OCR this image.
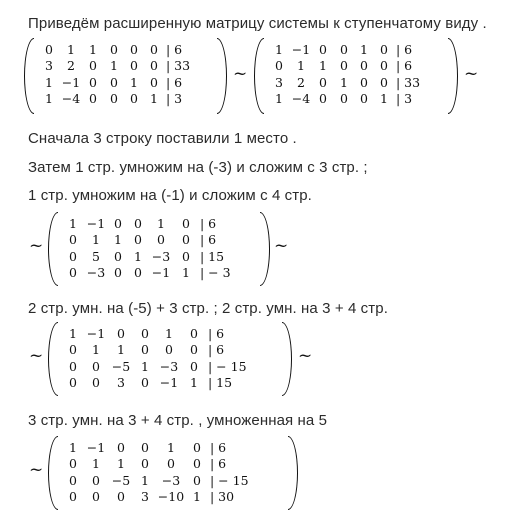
Приведём расширенную матрицу системы к ступенчатому виду .
0	1	1	0 0 0 | 6
3	2	0	1 0 0 | 33
1 −1 0	0 1 0 | 6
1 −4 0	0 0 1 | 3
~
1 −1 0	0 1 0 | 6
0	1	1	0 0 0 | 6
3	2	0	1 0 0 | 33
1 −4 0	0 0 1 | 3
~
Сначала 3 строку поставили 1 место .
Затем 1 стр. умножим на (-3) и сложим с 3 стр. ;
1 стр. умножим на (-1) и сложим с 4 стр.
~
1 −1 0 0	1	0 | 6
0	1	1 0	0	0 | 6
0	5	0 1 −3 0 | 15
0 −3 0 0 −1 1 | − 3
~
2 стр. умн. на (-5) + 3 стр. ; 2 стр. умн. на 3 + 4 стр.
~
1 −1 0	0	1	0 | 6
0	1	1	0	0	0 | 6
0	0 −5 1 −3 0 | − 15
0	0	3	0 −1 1 | 15
~
3 стр. умн. на 3 + 4 стр. , умноженная на 5
~
1 −1 0	0	1	0 | 6
0	1	1	0	0	0 | 6
0	0 −5 1	−3	0 | − 15
0	0	0	3 −10 1 | 30
